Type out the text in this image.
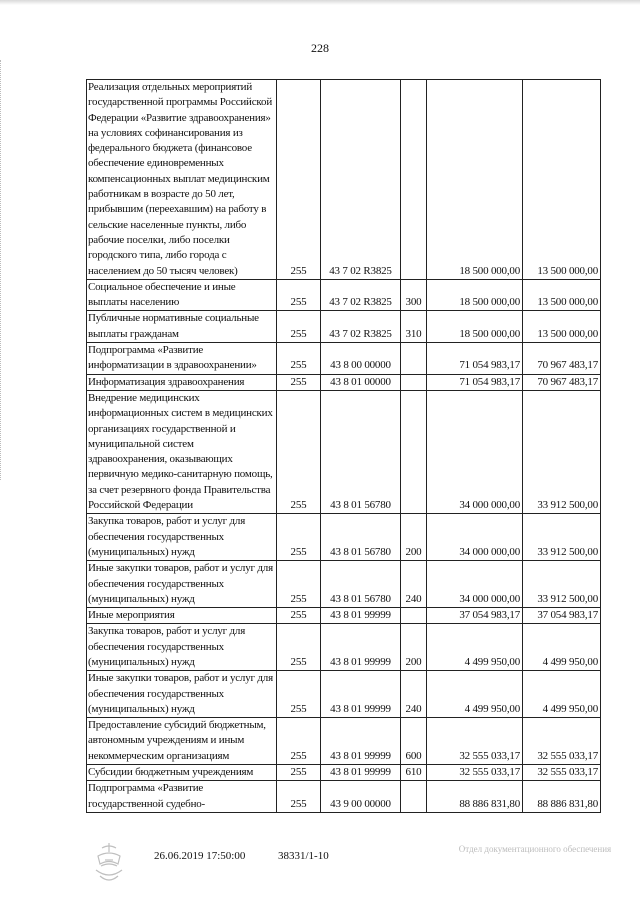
228
Реализация отдельных мероприятий государственной программы Российской Федерации «Развитие здравоохранения» на условиях софинансирования из федерального бюджета (финансовое обеспечение единовременных компенсационных выплат медицинским работникам в возрасте до 50 лет, прибывшим (переехавшим) на работу в сельские населенные пункты, либо рабочие поселки, либо поселки городского типа, либо города с населением до 50 тысяч человек)	255	43 7 02 R3825		18 500 000,00	13 500 000,00
Социальное обеспечение и иные выплаты населению	255	43 7 02 R3825	300	18 500 000,00	13 500 000,00
Публичные нормативные социальные выплаты гражданам	255	43 7 02 R3825	310	18 500 000,00	13 500 000,00
Подпрограмма «Развитие информатизации в здравоохранении»	255	43 8 00 00000		71 054 983,17	70 967 483,17
Информатизация здравоохранения	255	43 8 01 00000		71 054 983,17	70 967 483,17
Внедрение медицинских информационных систем в медицинских организациях государственной и муниципальной систем здравоохранения, оказывающих первичную медико-санитарную помощь, за счет резервного фонда Правительства Российской Федерации	255	43 8 01 56780		34 000 000,00	33 912 500,00
Закупка товаров, работ и услуг для обеспечения государственных (муниципальных) нужд	255	43 8 01 56780	200	34 000 000,00	33 912 500,00
Иные закупки товаров, работ и услуг для обеспечения государственных (муниципальных) нужд	255	43 8 01 56780	240	34 000 000,00	33 912 500,00
Иные мероприятия	255	43 8 01 99999		37 054 983,17	37 054 983,17
Закупка товаров, работ и услуг для обеспечения государственных (муниципальных) нужд	255	43 8 01 99999	200	4 499 950,00	4 499 950,00
Иные закупки товаров, работ и услуг для обеспечения государственных (муниципальных) нужд	255	43 8 01 99999	240	4 499 950,00	4 499 950,00
Предоставление субсидий бюджетным, автономным учреждениям и иным некоммерческим организациям	255	43 8 01 99999	600	32 555 033,17	32 555 033,17
Субсидии бюджетным учреждениям	255	43 8 01 99999	610	32 555 033,17	32 555 033,17
Подпрограмма «Развитие государственной судебно-	255	43 9 00 00000		88 886 831,80	88 886 831,80
26.06.2019 17:50:00	38331/1-10
Отдел документационного обеспечения
